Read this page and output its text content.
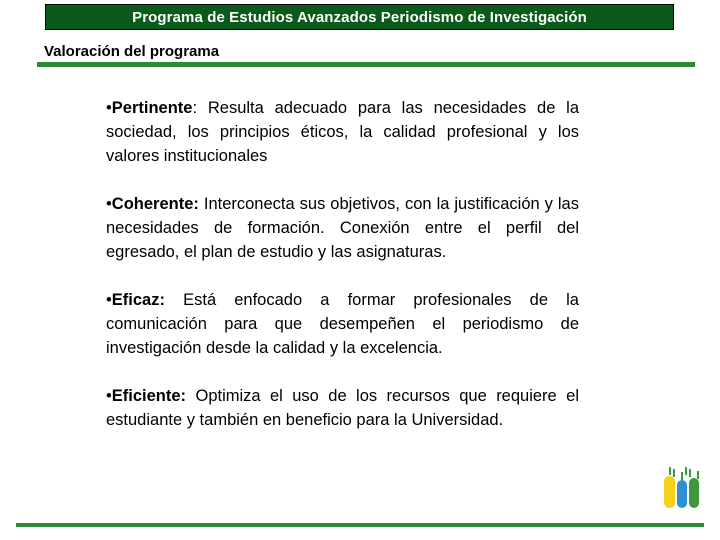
Programa de Estudios Avanzados Periodismo de Investigación
Valoración del programa

•Pertinente: Resulta adecuado para las necesidades de la sociedad, los principios éticos, la calidad profesional y los valores institucionales

•Coherente: Interconecta sus objetivos, con la justificación y las necesidades de formación. Conexión entre el perfil del egresado, el plan de estudio y las asignaturas.

•Eficaz: Está enfocado a formar profesionales de la comunicación para que desempeñen el periodismo de investigación desde la calidad y la excelencia.

•Eficiente: Optimiza el uso de los recursos que requiere el estudiante y también en beneficio para la Universidad.
